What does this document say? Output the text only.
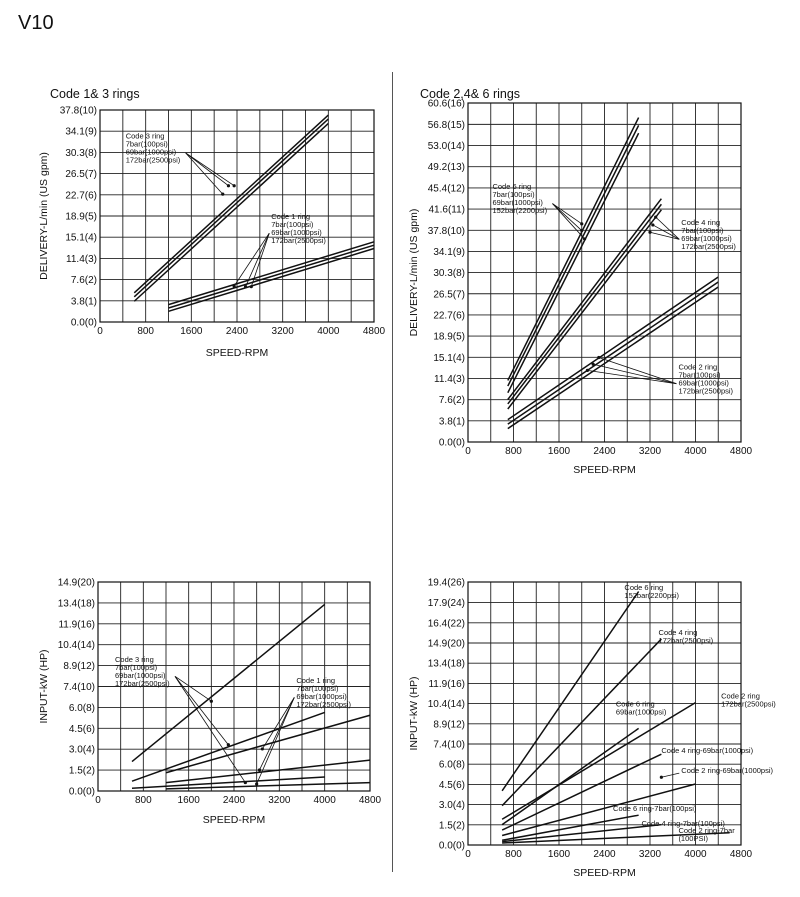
V10
0	800	1600 2400 3200 4000 4800
0.0(0)
3.8(1)
7.6(2)
11.4(3)
15.1(4)
18.9(5)
22.7(6)
26.5(7)
30.3(8)
34.1(9)
37.8(10)
SPEED-RPM
DELIVERY-L/min (US gpm)
Code 1& 3 rings
Code 3 ring
7bar(100psi)
69bar(1000psi)
172bar(2500psi)
Code 1 ring
7bar(100psi)
69bar(1000psi)
172bar(2500psi)
0	800	1600 2400 3200 4000 4800
0.0(0)
3.8(1)
7.6(2)
11.4(3)
15.1(4)
18.9(5)
22.7(6)
26.5(7)
30.3(8)
34.1(9)
37.8(10)
41.6(11)
45.4(12)
49.2(13)
53.0(14)
56.8(15)
60.6(16)
SPEED-RPM
DELIVERY-L/min (US gpm)
Code 2,4& 6 rings
Code 6 ring
7bar(100psi)
69bar(1000psi)
152bar(2200psi)
Code 4 ring
7bar(100psi)
69bar(1000psi)
172bar(2500psi)
Code 2 ring
7bar(100psi)
69bar(1000psi)
172bar(2500psi)
0	800	1600 2400 3200 4000 4800
0.0(0)
1.5(2)
3.0(4)
4.5(6)
6.0(8)
7.4(10)
8.9(12)
10.4(14)
11.9(16)
13.4(18)
14.9(20)
SPEED-RPM
INPUT-kW (HP)	Code 3 ring
7bar(100psi)
69bar(1000psi)
172bar(2500psi)	Code 1 ring
7bar(100psi)
69bar(1000psi)
172bar(2500psi)
0	800	1600 2400 3200 4000 4800
0.0(0)
1.5(2)
3.0(4)
4.5(6)
6.0(8)
7.4(10)
8.9(12)
10.4(14)
11.9(16)
13.4(18)
14.9(20)
16.4(22)
17.9(24)
19.4(26)
SPEED-RPM
INPUT-kW (HP)
Code 6 ring
152bar(2200psi)
Code 4 ring
172bar(2500psi)
Code 6 ring
69bar(1000psi)
Code 2 ring
172bar(2500psi)
Code 4 ring-69bar(1000psi)
Code 2 ring-69bar(1000psi)
Code 6 ring-7bar(100psi)
Code 4 ring-7bar(100psi)
Code 2 ring-7bar
(100PSI)
